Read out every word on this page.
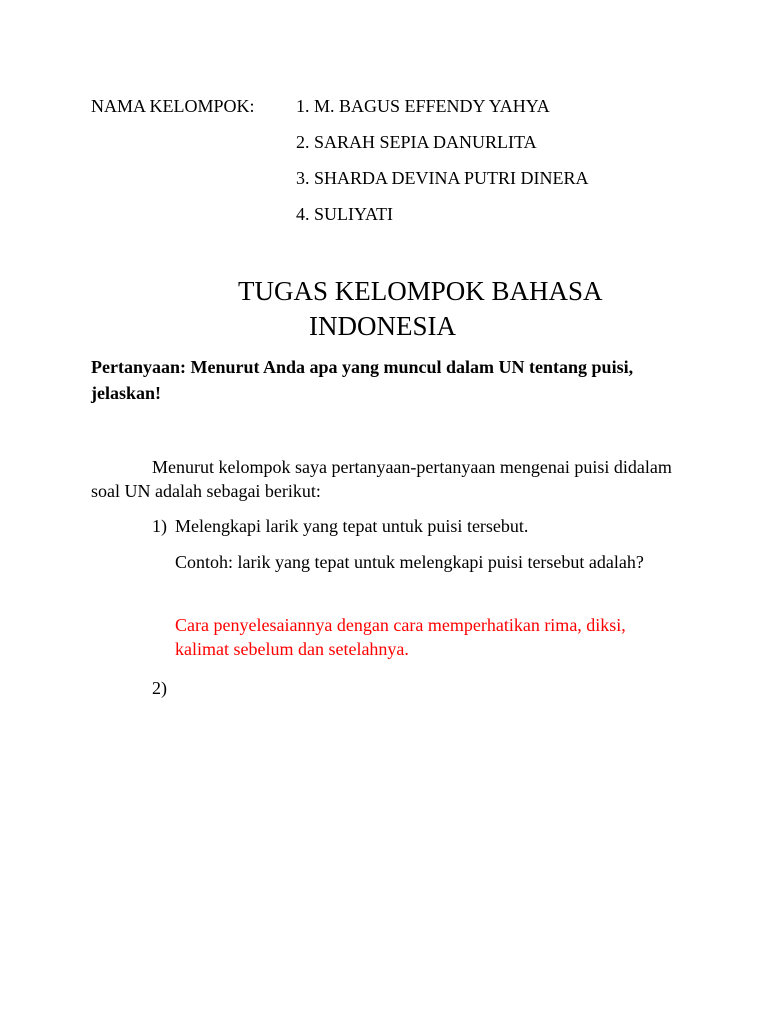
NAMA KELOMPOK: 1. M. BAGUS EFFENDY YAHYA
2. SARAH SEPIA DANURLITA
3. SHARDA DEVINA PUTRI DINERA
4. SULIYATI
TUGAS KELOMPOK BAHASA
INDONESIA
Pertanyaan: Menurut Anda apa yang muncul dalam UN tentang puisi, jelaskan!
Menurut kelompok saya pertanyaan-pertanyaan mengenai puisi didalam soal UN adalah sebagai berikut:
1) Melengkapi larik yang tepat untuk puisi tersebut.
Contoh: larik yang tepat untuk melengkapi puisi tersebut adalah?
Cara penyelesaiannya dengan cara memperhatikan rima, diksi, kalimat sebelum dan setelahnya.
2)
